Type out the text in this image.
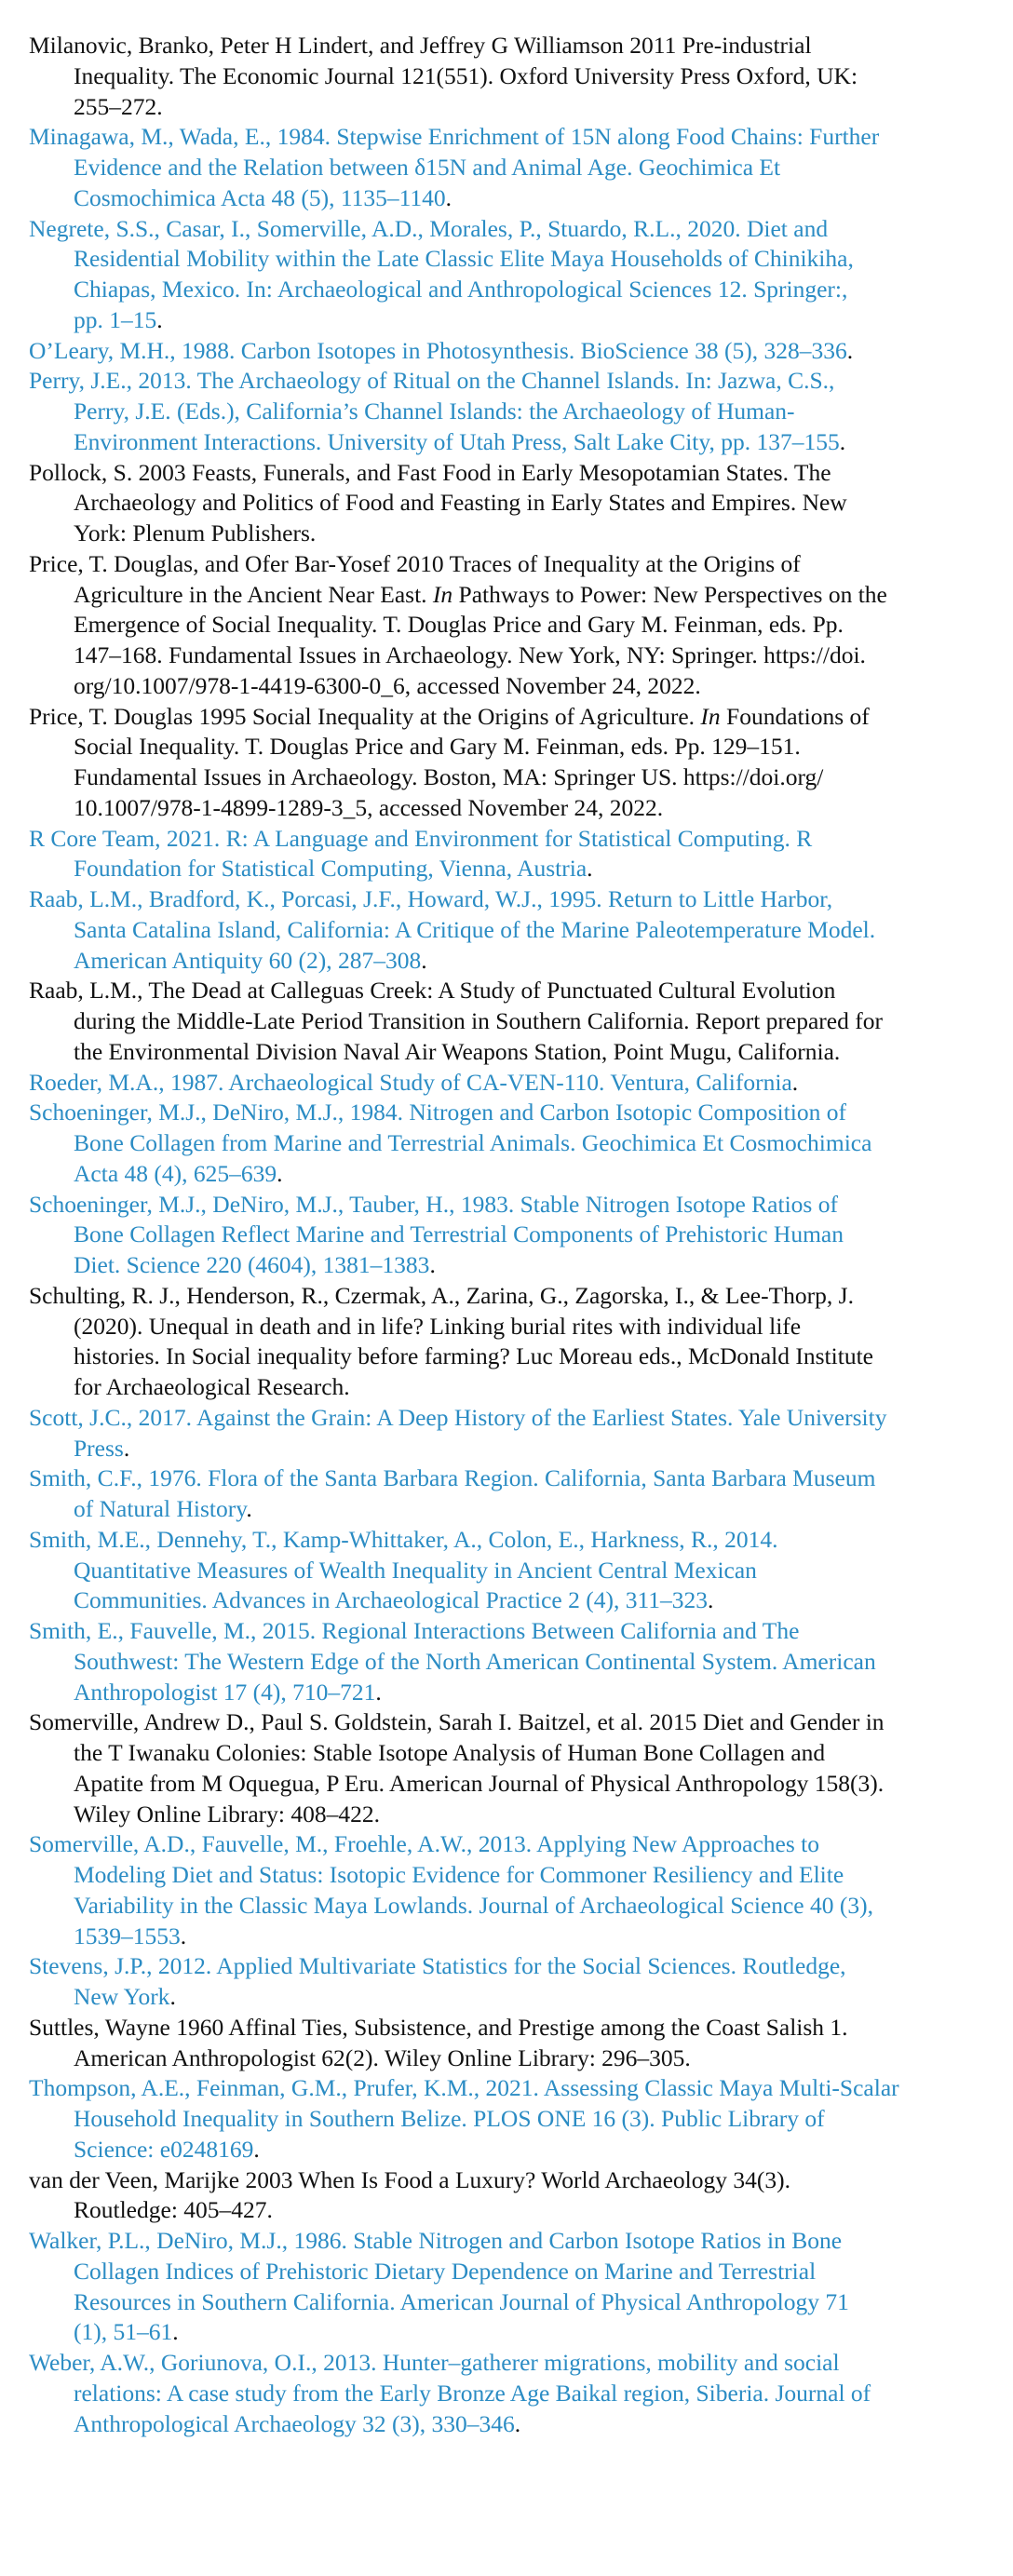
Milanovic, Branko, Peter H Lindert, and Jeffrey G Williamson 2011 Pre-industrial
Inequality. The Economic Journal 121(551). Oxford University Press Oxford, UK:
255–272.
Minagawa, M., Wada, E., 1984. Stepwise Enrichment of 15N along Food Chains: Further
Evidence and the Relation between δ15N and Animal Age. Geochimica Et
Cosmochimica Acta 48 (5), 1135–1140.
Negrete, S.S., Casar, I., Somerville, A.D., Morales, P., Stuardo, R.L., 2020. Diet and
Residential Mobility within the Late Classic Elite Maya Households of Chinikiha,
Chiapas, Mexico. In: Archaeological and Anthropological Sciences 12. Springer:,
pp. 1–15.
O’Leary, M.H., 1988. Carbon Isotopes in Photosynthesis. BioScience 38 (5), 328–336.
Perry, J.E., 2013. The Archaeology of Ritual on the Channel Islands. In: Jazwa, C.S.,
Perry, J.E. (Eds.), California’s Channel Islands: the Archaeology of Human-
Environment Interactions. University of Utah Press, Salt Lake City, pp. 137–155.
Pollock, S. 2003 Feasts, Funerals, and Fast Food in Early Mesopotamian States. The
Archaeology and Politics of Food and Feasting in Early States and Empires. New
York: Plenum Publishers.
Price, T. Douglas, and Ofer Bar-Yosef 2010 Traces of Inequality at the Origins of
Agriculture in the Ancient Near East. In Pathways to Power: New Perspectives on the
Emergence of Social Inequality. T. Douglas Price and Gary M. Feinman, eds. Pp.
147–168. Fundamental Issues in Archaeology. New York, NY: Springer. https://doi.
org/10.1007/978-1-4419-6300-0_6, accessed November 24, 2022.
Price, T. Douglas 1995 Social Inequality at the Origins of Agriculture. In Foundations of
Social Inequality. T. Douglas Price and Gary M. Feinman, eds. Pp. 129–151.
Fundamental Issues in Archaeology. Boston, MA: Springer US. https://doi.org/
10.1007/978-1-4899-1289-3_5, accessed November 24, 2022.
R Core Team, 2021. R: A Language and Environment for Statistical Computing. R
Foundation for Statistical Computing, Vienna, Austria.
Raab, L.M., Bradford, K., Porcasi, J.F., Howard, W.J., 1995. Return to Little Harbor,
Santa Catalina Island, California: A Critique of the Marine Paleotemperature Model.
American Antiquity 60 (2), 287–308.
Raab, L.M., The Dead at Calleguas Creek: A Study of Punctuated Cultural Evolution
during the Middle-Late Period Transition in Southern California. Report prepared for
the Environmental Division Naval Air Weapons Station, Point Mugu, California.
Roeder, M.A., 1987. Archaeological Study of CA-VEN-110. Ventura, California.
Schoeninger, M.J., DeNiro, M.J., 1984. Nitrogen and Carbon Isotopic Composition of
Bone Collagen from Marine and Terrestrial Animals. Geochimica Et Cosmochimica
Acta 48 (4), 625–639.
Schoeninger, M.J., DeNiro, M.J., Tauber, H., 1983. Stable Nitrogen Isotope Ratios of
Bone Collagen Reflect Marine and Terrestrial Components of Prehistoric Human
Diet. Science 220 (4604), 1381–1383.
Schulting, R. J., Henderson, R., Czermak, A., Zarina, G., Zagorska, I., & Lee-Thorp, J.
(2020). Unequal in death and in life? Linking burial rites with individual life
histories. In Social inequality before farming? Luc Moreau eds., McDonald Institute
for Archaeological Research.
Scott, J.C., 2017. Against the Grain: A Deep History of the Earliest States. Yale University
Press.
Smith, C.F., 1976. Flora of the Santa Barbara Region. California, Santa Barbara Museum
of Natural History.
Smith, M.E., Dennehy, T., Kamp-Whittaker, A., Colon, E., Harkness, R., 2014.
Quantitative Measures of Wealth Inequality in Ancient Central Mexican
Communities. Advances in Archaeological Practice 2 (4), 311–323.
Smith, E., Fauvelle, M., 2015. Regional Interactions Between California and The
Southwest: The Western Edge of the North American Continental System. American
Anthropologist 17 (4), 710–721.
Somerville, Andrew D., Paul S. Goldstein, Sarah I. Baitzel, et al. 2015 Diet and Gender in
the T Iwanaku Colonies: Stable Isotope Analysis of Human Bone Collagen and
Apatite from M Oquegua, P Eru. American Journal of Physical Anthropology 158(3).
Wiley Online Library: 408–422.
Somerville, A.D., Fauvelle, M., Froehle, A.W., 2013. Applying New Approaches to
Modeling Diet and Status: Isotopic Evidence for Commoner Resiliency and Elite
Variability in the Classic Maya Lowlands. Journal of Archaeological Science 40 (3),
1539–1553.
Stevens, J.P., 2012. Applied Multivariate Statistics for the Social Sciences. Routledge,
New York.
Suttles, Wayne 1960 Affinal Ties, Subsistence, and Prestige among the Coast Salish 1.
American Anthropologist 62(2). Wiley Online Library: 296–305.
Thompson, A.E., Feinman, G.M., Prufer, K.M., 2021. Assessing Classic Maya Multi-Scalar
Household Inequality in Southern Belize. PLOS ONE 16 (3). Public Library of
Science: e0248169.
van der Veen, Marijke 2003 When Is Food a Luxury? World Archaeology 34(3).
Routledge: 405–427.
Walker, P.L., DeNiro, M.J., 1986. Stable Nitrogen and Carbon Isotope Ratios in Bone
Collagen Indices of Prehistoric Dietary Dependence on Marine and Terrestrial
Resources in Southern California. American Journal of Physical Anthropology 71
(1), 51–61.
Weber, A.W., Goriunova, O.I., 2013. Hunter–gatherer migrations, mobility and social
relations: A case study from the Early Bronze Age Baikal region, Siberia. Journal of
Anthropological Archaeology 32 (3), 330–346.
